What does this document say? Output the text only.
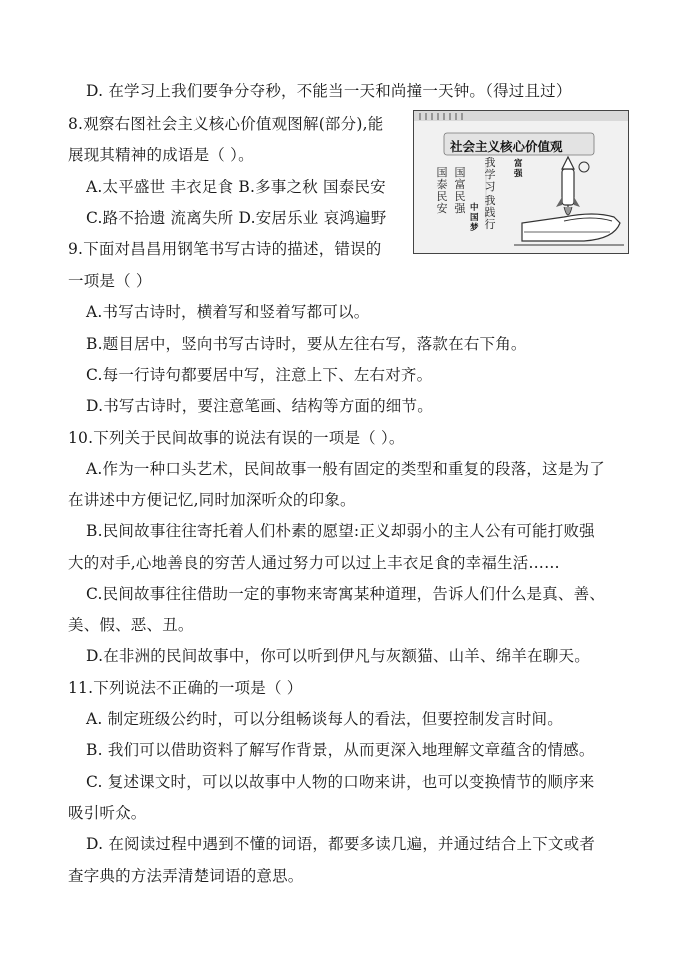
D. 在学习上我们要争分夺秒，不能当一天和尚撞一天钟。（得过且过）
8.观察右图社会主义核心价值观图解(部分),能
展现其精神的成语是（ ）。
A.太平盛世 丰衣足食 B.多事之秋 国泰民安
C.路不拾遗 流离失所 D.安居乐业 哀鸿遍野
9.下面对昌昌用钢笔书写古诗的描述，错误的
一项是（ ）
A.书写古诗时，横着写和竖着写都可以。
B.题目居中，竖向书写古诗时，要从左往右写，落款在右下角。
C.每一行诗句都要居中写，注意上下、左右对齐。
D.书写古诗时，要注意笔画、结构等方面的细节。
10.下列关于民间故事的说法有误的一项是（ ）。
A.作为一种口头艺术，民间故事一般有固定的类型和重复的段落，这是为了
在讲述中方便记忆,同时加深听众的印象。
B.民间故事往往寄托着人们朴素的愿望:正义却弱小的主人公有可能打败强
大的对手,心地善良的穷苦人通过努力可以过上丰衣足食的幸福生活……
C.民间故事往往借助一定的事物来寄寓某种道理，告诉人们什么是真、善、
美、假、恶、丑。
D.在非洲的民间故事中，你可以听到伊凡与灰额猫、山羊、绵羊在聊天。
11.下列说法不正确的一项是（ ）
A. 制定班级公约时，可以分组畅谈每人的看法，但要控制发言时间。
B. 我们可以借助资料了解写作背景，从而更深入地理解文章蕴含的情感。
C. 复述课文时，可以以故事中人物的口吻来讲，也可以变换情节的顺序来
吸引听众。
D. 在阅读过程中遇到不懂的词语，都要多读几遍，并通过结合上下文或者
查字典的方法弄清楚词语的意思。
社会主义核心价值观
富强
国泰民安
国富民强
我学习
我践行
中国梦
